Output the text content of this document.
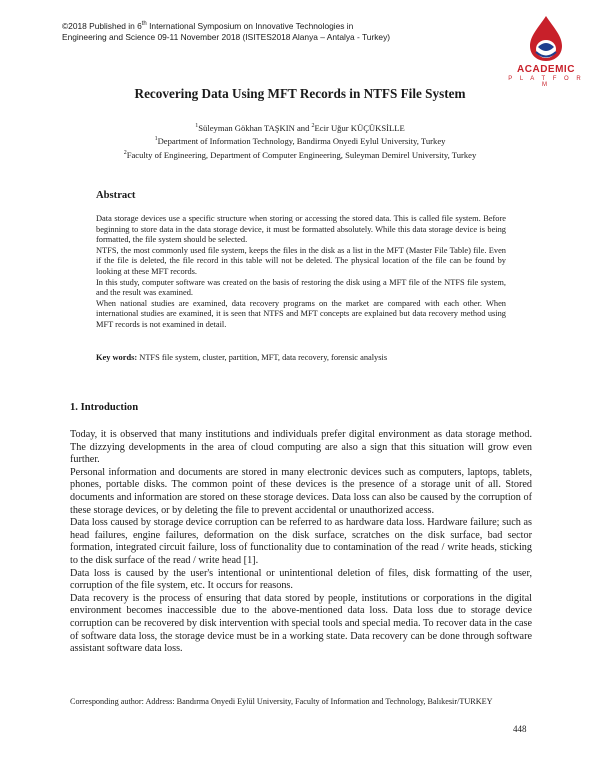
©2018 Published in 6th International Symposium on Innovative Technologies in
Engineering and Science 09-11 November 2018 (ISITES2018 Alanya – Antalya - Turkey)
ACADEMIC
P L A T F O R M
Recovering Data Using MFT Records in NTFS File System
$^1$Süleyman Gökhan TAŞKIN and $^2$Ecir Uğur KÜÇÜKSİLLE
$^1$Department of Information Technology, Bandirma Onyedi Eylul University, Turkey
$^2$Faculty of Engineering, Department of Computer Engineering, Suleyman Demirel University, Turkey
Abstract

Data storage devices use a specific structure when storing or accessing the stored data. This is called file system. Before beginning to store data in the data storage device, it must be formatted absolutely. While this data storage device is being formatted, the file system should be selected.

NTFS, the most commonly used file system, keeps the files in the disk as a list in the MFT (Master File Table) file. Even if the file is deleted, the file record in this table will not be deleted. The physical location of the file can be found by looking at these MFT records.

In this study, computer software was created on the basis of restoring the disk using a MFT file of the NTFS file system, and the result was examined.

When national studies are examined, data recovery programs on the market are compared with each other. When international studies are examined, it is seen that NTFS and MFT concepts are explained but data recovery method using MFT records is not examined in detail.

Key words: NTFS file system, cluster, partition, MFT, data recovery, forensic analysis
1. Introduction

Today, it is observed that many institutions and individuals prefer digital environment as data storage method. The dizzying developments in the area of cloud computing are also a sign that this situation will grow even further.

Personal information and documents are stored in many electronic devices such as computers, laptops, tablets, phones, portable disks. The common point of these devices is the presence of a storage unit of all. Stored documents and information are stored on these storage devices. Data loss can also be caused by the corruption of these storage devices, or by deleting the file to prevent accidental or unauthorized access.

Data loss caused by storage device corruption can be referred to as hardware data loss. Hardware failure; such as head failures, engine failures, deformation on the disk surface, scratches on the disk surface, bad sector formation, integrated circuit failure, loss of functionality due to contamination of the read / write heads, sticking to the disk surface of the read / write head [1].

Data loss is caused by the user's intentional or unintentional deletion of files, disk formatting of the user, corruption of the file system, etc. It occurs for reasons.

Data recovery is the process of ensuring that data stored by people, institutions or corporations in the digital environment becomes inaccessible due to the above-mentioned data loss. Data loss due to storage device corruption can be recovered by disk intervention with special tools and special media. To recover data in the case of software data loss, the storage device must be in a working state. Data recovery can be done through software assistant software data loss.

Corresponding author: Address: Bandırma Onyedi Eylül University, Faculty of Information and Technology, Balıkesir/TURKEY
448
